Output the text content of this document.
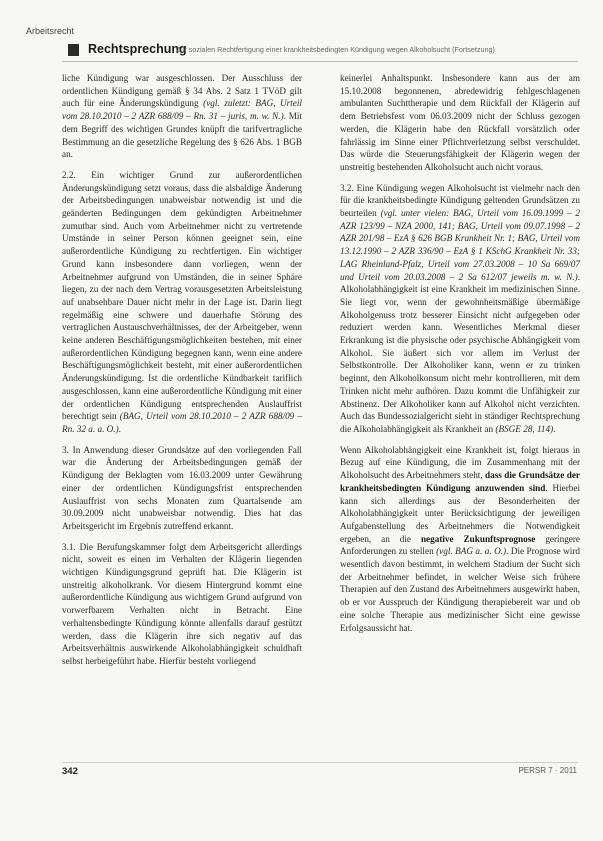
Arbeitsrecht
Rechtsprechung
Zur sozialen Rechtfertigung einer krankheitsbedingten Kündigung wegen Alkoholsucht (Fortsetzung)

liche Kündigung war ausgeschlossen. Der Ausschluss der ordentlichen Kündigung gemäß § 34 Abs. 2 Satz 1 TVöD gilt auch für eine Änderungskündigung (vgl. zuletzt: BAG, Urteil vom 28.10.2010 – 2 AZR 688/09 – Rn. 31 – juris, m. w. N.). Mit dem Begriff des wichtigen Grundes knüpft die tarifvertragliche Bestimmung an die gesetzliche Regelung des § 626 Abs. 1 BGB an.

2.2. Ein wichtiger Grund zur außerordentlichen Änderungskündigung setzt voraus, dass die alsbaldige Änderung der Arbeitsbedingungen unabweisbar notwendig ist und die geänderten Bedingungen dem gekündigten Arbeitnehmer zumutbar sind. Auch vom Arbeitnehmer nicht zu vertretende Umstände in seiner Person können geeignet sein, eine außerordentliche Kündigung zu rechtfertigen. Ein wichtiger Grund kann insbesondere dann vorliegen, wenn der Arbeitnehmer aufgrund von Umständen, die in seiner Sphäre liegen, zu der nach dem Vertrag vorausgesetzten Arbeitsleistung auf unabsehbare Dauer nicht mehr in der Lage ist. Darin liegt regelmäßig eine schwere und dauerhafte Störung des vertraglichen Austauschverhältnisses, der der Arbeitgeber, wenn keine anderen Beschäftigungsmöglichkeiten bestehen, mit einer außerordentlichen Kündigung begegnen kann, wenn eine andere Beschäftigungsmöglichkeit besteht, mit einer außerordentlichen Änderungskündigung. Ist die ordentliche Kündbarkeit tariflich ausgeschlossen, kann eine außerordentliche Kündigung mit einer der ordentlichen Kündigung entsprechenden Auslauffrist berechtigt sein (BAG, Urteil vom 28.10.2010 – 2 AZR 688/09 – Rn. 32 a. a. O.).

3. In Anwendung dieser Grundsätze auf den vorliegenden Fall war die Änderung der Arbeitsbedingungen gemäß der Kündigung der Beklagten vom 16.03.2009 unter Gewährung einer der ordentlichen Kündigungsfrist entsprechenden Auslauffrist von sechs Monaten zum Quartalsende am 30.09.2009 nicht unabweisbar notwendig. Dies hat das Arbeitsgericht im Ergebnis zutreffend erkannt.

3.1. Die Berufungskammer folgt dem Arbeitsgericht allerdings nicht, soweit es einen im Verhalten der Klägerin liegenden wichtigen Kündigungsgrund geprüft hat. Die Klägerin ist unstreitig alkoholkrank. Vor diesem Hintergrund kommt eine außerordentliche Kündigung aus wichtigem Grund aufgrund von vorwerfbarem Verhalten nicht in Betracht. Eine verhaltensbedingte Kündigung könnte allenfalls darauf gestützt werden, dass die Klägerin ihre sich negativ auf das Arbeitsverhältnis auswirkende Alkoholabhängigkeit schuldhaft selbst herbeigeführt habe. Hierfür besteht vorliegend

keinerlei Anhaltspunkt. Insbesondere kann aus der am 15.10.2008 begonnenen, abredewidrig fehlgeschlagenen ambulanten Suchttherapie und dem Rückfall der Klägerin auf dem Betriebsfest vom 06.03.2009 nicht der Schluss gezogen werden, die Klägerin habe den Rückfall vorsätzlich oder fahrlässig im Sinne einer Pflichtverletzung selbst verschuldet. Das würde die Steuerungsfähigkeit der Klägerin wegen der unstreitig bestehenden Alkoholsucht auch nicht voraus.

3.2. Eine Kündigung wegen Alkoholsucht ist vielmehr nach den für die krankheitsbedingte Kündigung geltenden Grundsätzen zu beurteilen (vgl. unter vielen: BAG, Urteil vom 16.09.1999 – 2 AZR 123/99 – NZA 2000, 141; BAG, Urteil vom 09.07.1998 – 2 AZR 201/98 – EzA § 626 BGB Krankheit Nr. 1; BAG, Urteil vom 13.12.1990 – 2 AZR 336/90 – EzA § 1 KSchG Krankheit Nr. 33; LAG Rheinland-Pfalz, Urteil vom 27.03.2008 – 10 Sa 669/07 und Urteil vom 20.03.2008 – 2 Sa 612/07 jeweils m. w. N.). Alkoholabhängigkeit ist eine Krankheit im medizinischen Sinne. Sie liegt vor, wenn der gewohnheitsmäßige übermäßige Alkoholgenuss trotz besserer Einsicht nicht aufgegeben oder reduziert werden kann. Wesentliches Merkmal dieser Erkrankung ist die physische oder psychische Abhängigkeit vom Alkohol. Sie äußert sich vor allem im Verlust der Selbstkontrolle. Der Alkoholiker kann, wenn er zu trinken beginnt, den Alkoholkonsum nicht mehr kontrollieren, mit dem Trinken nicht mehr aufhören. Dazu kommt die Unfähigkeit zur Abstinenz. Der Alkoholiker kann auf Alkohol nicht verzichten. Auch das Bundessozialgericht sieht in ständiger Rechtsprechung die Alkoholabhängigkeit als Krankheit an (BSGE 28, 114).

Wenn Alkoholabhängigkeit eine Krankheit ist, folgt hieraus in Bezug auf eine Kündigung, die im Zusammenhang mit der Alkoholsucht des Arbeitnehmers steht, dass die Grundsätze der krankheitsbedingten Kündigung anzuwenden sind. Hierbei kann sich allerdings aus der Besonderheiten der Alkoholabhängigkeit unter Berücksichtigung der jeweiligen Aufgabenstellung des Arbeitnehmers die Notwendigkeit ergeben, an die negative Zukunftsprognose geringere Anforderungen zu stellen (vgl. BAG a. a. O.). Die Prognose wird wesentlich davon bestimmt, in welchem Stadium der Sucht sich der Arbeitnehmer befindet, in welcher Weise sich frühere Therapien auf den Zustand des Arbeitnehmers ausgewirkt haben, ob er vor Ausspruch der Kündigung therapiebereit war und ob eine solche Therapie aus medizinischer Sicht eine gewisse Erfolgsaussicht hat.

342	PERSR 7 · 2011
